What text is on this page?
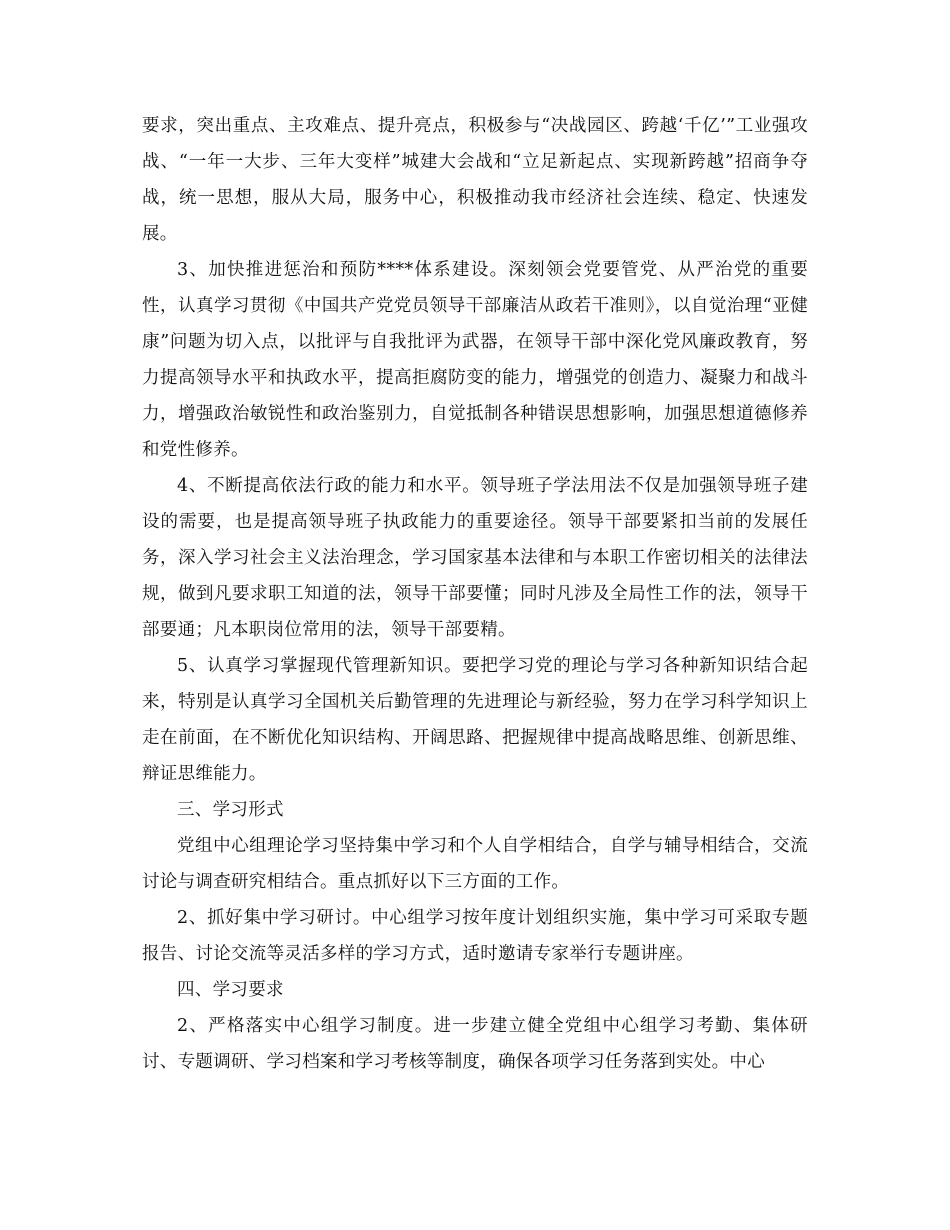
要求，突出重点、主攻难点、提升亮点，积极参与“决战园区、跨越‘千亿’”工业强攻战、“一年一大步、三年大变样”城建大会战和“立足新起点、实现新跨越”招商争夺战，统一思想，服从大局，服务中心，积极推动我市经济社会连续、稳定、快速发展。

3、加快推进惩治和预防****体系建设。深刻领会党要管党、从严治党的重要性，认真学习贯彻《中国共产党党员领导干部廉洁从政若干准则》，以自觉治理“亚健康”问题为切入点，以批评与自我批评为武器，在领导干部中深化党风廉政教育，努力提高领导水平和执政水平，提高拒腐防变的能力，增强党的创造力、凝聚力和战斗力，增强政治敏锐性和政治鉴别力，自觉抵制各种错误思想影响，加强思想道德修养和党性修养。

4、不断提高依法行政的能力和水平。领导班子学法用法不仅是加强领导班子建设的需要，也是提高领导班子执政能力的重要途径。领导干部要紧扣当前的发展任务，深入学习社会主义法治理念，学习国家基本法律和与本职工作密切相关的法律法规，做到凡要求职工知道的法，领导干部要懂；同时凡涉及全局性工作的法，领导干部要通；凡本职岗位常用的法，领导干部要精。

5、认真学习掌握现代管理新知识。要把学习党的理论与学习各种新知识结合起来，特别是认真学习全国机关后勤管理的先进理论与新经验，努力在学习科学知识上走在前面，在不断优化知识结构、开阔思路、把握规律中提高战略思维、创新思维、辩证思维能力。

三、学习形式

党组中心组理论学习坚持集中学习和个人自学相结合，自学与辅导相结合，交流讨论与调查研究相结合。重点抓好以下三方面的工作。

2、抓好集中学习研讨。中心组学习按年度计划组织实施，集中学习可采取专题报告、讨论交流等灵活多样的学习方式，适时邀请专家举行专题讲座。

四、学习要求

2、严格落实中心组学习制度。进一步建立健全党组中心组学习考勤、集体研讨、专题调研、学习档案和学习考核等制度，确保各项学习任务落到实处。中心
